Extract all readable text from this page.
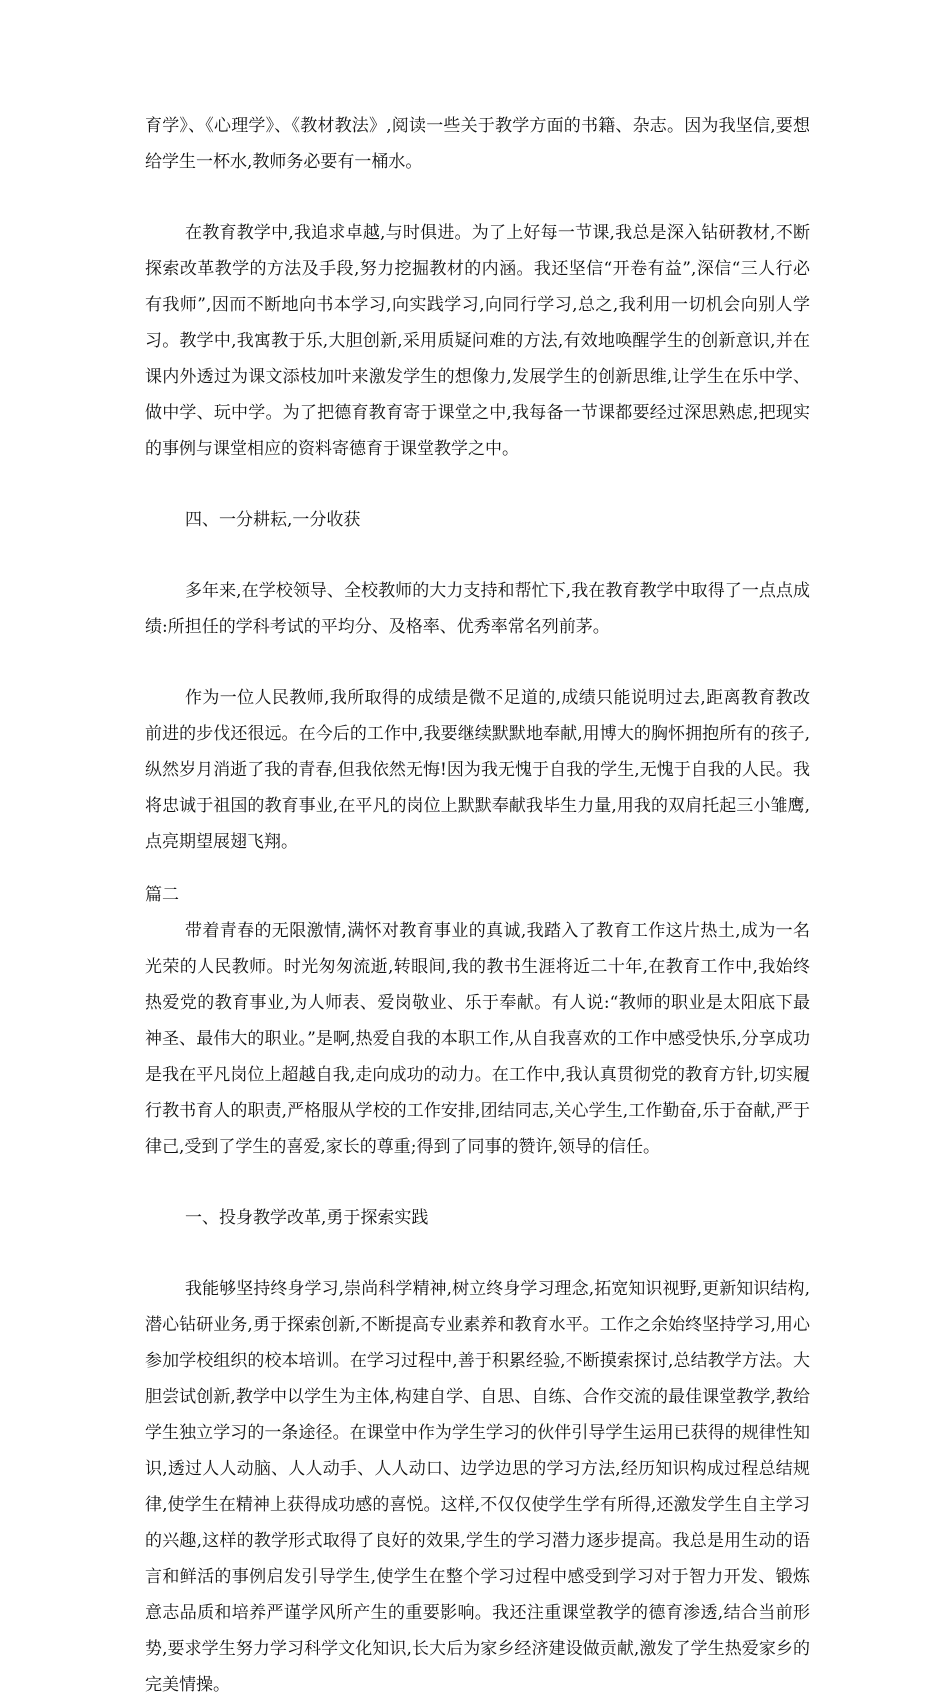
育学》、《心理学》、《教材教法》,阅读一些关于教学方面的书籍、杂志。因为我坚信,要想给学生一杯水,教师务必要有一桶水。

在教育教学中,我追求卓越,与时俱进。为了上好每一节课,我总是深入钻研教材,不断探索改革教学的方法及手段,努力挖掘教材的内涵。我还坚信“开卷有益”,深信“三人行必有我师”,因而不断地向书本学习,向实践学习,向同行学习,总之,我利用一切机会向别人学习。教学中,我寓教于乐,大胆创新,采用质疑问难的方法,有效地唤醒学生的创新意识,并在课内外透过为课文添枝加叶来激发学生的想像力,发展学生的创新思维,让学生在乐中学、做中学、玩中学。为了把德育教育寄于课堂之中,我每备一节课都要经过深思熟虑,把现实的事例与课堂相应的资料寄德育于课堂教学之中。

四、一分耕耘,一分收获

多年来,在学校领导、全校教师的大力支持和帮忙下,我在教育教学中取得了一点点成绩:所担任的学科考试的平均分、及格率、优秀率常名列前茅。

作为一位人民教师,我所取得的成绩是微不足道的,成绩只能说明过去,距离教育教改前进的步伐还很远。在今后的工作中,我要继续默默地奉献,用博大的胸怀拥抱所有的孩子,纵然岁月消逝了我的青春,但我依然无悔!因为我无愧于自我的学生,无愧于自我的人民。我将忠诚于祖国的教育事业,在平凡的岗位上默默奉献我毕生力量,用我的双肩托起三小雏鹰,点亮期望展翅飞翔。

篇二

带着青春的无限激情,满怀对教育事业的真诚,我踏入了教育工作这片热土,成为一名光荣的人民教师。时光匆匆流逝,转眼间,我的教书生涯将近二十年,在教育工作中,我始终热爱党的教育事业,为人师表、爱岗敬业、乐于奉献。有人说:“教师的职业是太阳底下最神圣、最伟大的职业。”是啊,热爱自我的本职工作,从自我喜欢的工作中感受快乐,分享成功是我在平凡岗位上超越自我,走向成功的动力。在工作中,我认真贯彻党的教育方针,切实履行教书育人的职责,严格服从学校的工作安排,团结同志,关心学生,工作勤奋,乐于奋献,严于律己,受到了学生的喜爱,家长的尊重;得到了同事的赞许,领导的信任。

一、投身教学改革,勇于探索实践

我能够坚持终身学习,崇尚科学精神,树立终身学习理念,拓宽知识视野,更新知识结构,潜心钻研业务,勇于探索创新,不断提高专业素养和教育水平。工作之余始终坚持学习,用心参加学校组织的校本培训。在学习过程中,善于积累经验,不断摸索探讨,总结教学方法。大胆尝试创新,教学中以学生为主体,构建自学、自思、自练、合作交流的最佳课堂教学,教给学生独立学习的一条途径。在课堂中作为学生学习的伙伴引导学生运用已获得的规律性知识,透过人人动脑、人人动手、人人动口、边学边思的学习方法,经历知识构成过程总结规律,使学生在精神上获得成功感的喜悦。这样,不仅仅使学生学有所得,还激发学生自主学习的兴趣,这样的教学形式取得了良好的效果,学生的学习潜力逐步提高。我总是用生动的语言和鲜活的事例启发引导学生,使学生在整个学习过程中感受到学习对于智力开发、锻炼意志品质和培养严谨学风所产生的重要影响。我还注重课堂教学的德育渗透,结合当前形势,要求学生努力学习科学文化知识,长大后为家乡经济建设做贡献,激发了学生热爱家乡的完美情操。
